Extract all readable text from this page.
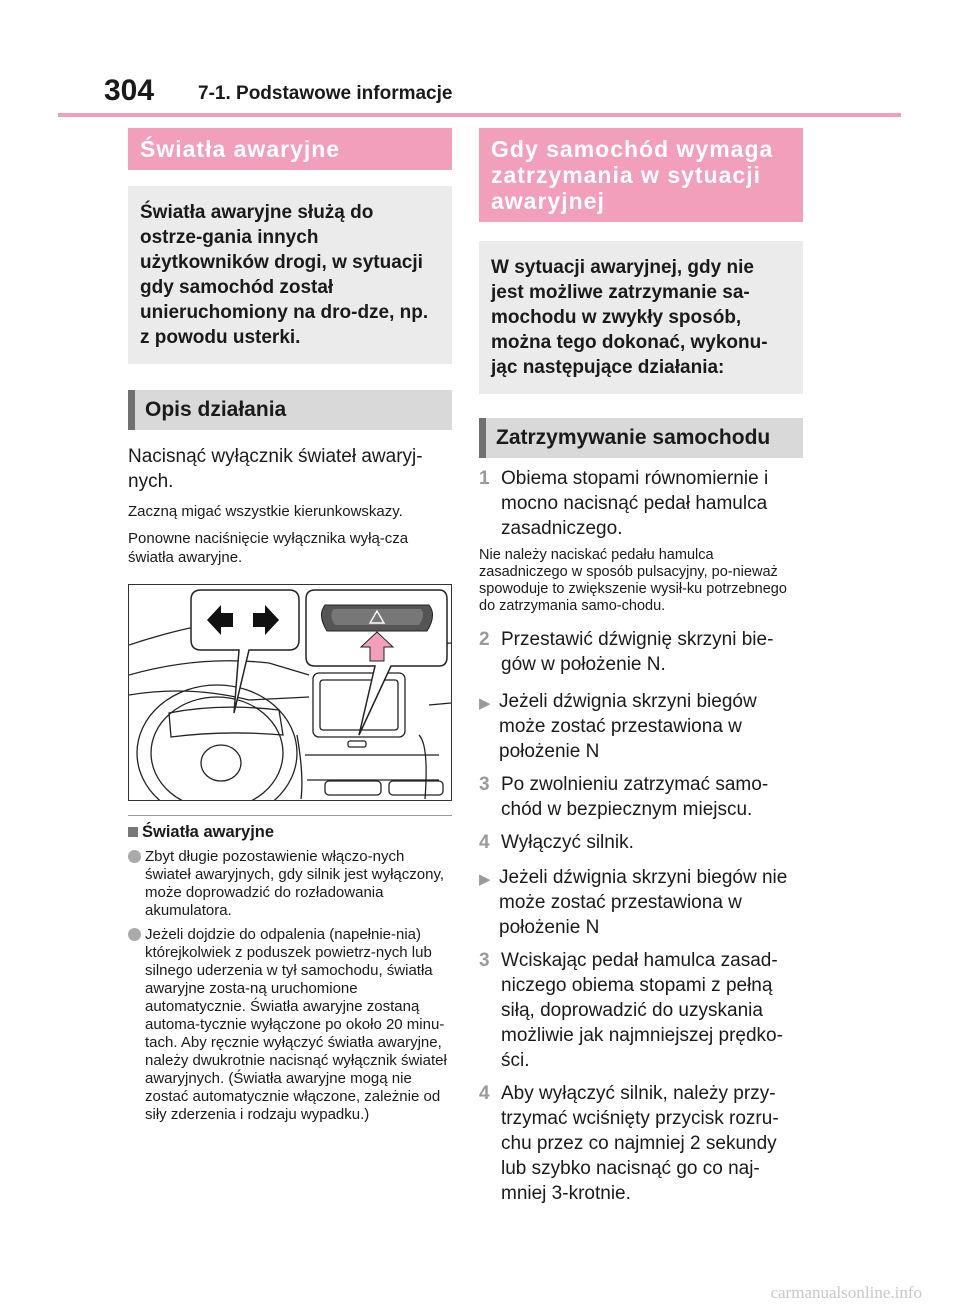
304 7-1. Podstawowe informacje
Światła awaryjne
Światła awaryjne służą do ostrze-gania innych użytkowników drogi, w sytuacji gdy samochód został unieruchomiony na dro-dze, np. z powodu usterki.
Opis działania
Nacisnąć wyłącznik świateł awaryj-nych.
Zaczną migać wszystkie kierunkowskazy.
Ponowne naciśnięcie wyłącznika wyłą-cza światła awaryjne.
Światła awaryjne
Zbyt długie pozostawienie włączo-nych świateł awaryjnych, gdy silnik jest wyłączony, może doprowadzić do rozładowania akumulatora.
Jeżeli dojdzie do odpalenia (napełnie-nia) którejkolwiek z poduszek powietrz-nych lub silnego uderzenia w tył samochodu, światła awaryjne zosta-ną uruchomione automatycznie. Światła awaryjne zostaną automa-tycznie wyłączone po około 20 minu-tach. Aby ręcznie wyłączyć światła awaryjne, należy dwukrotnie nacisnąć wyłącznik świateł awaryjnych. (Światła awaryjne mogą nie zostać automatycznie włączone, zależnie od siły zderzenia i rodzaju wypadku.)
Gdy samochód wymaga zatrzymania w sytuacji awaryjnej
W sytuacji awaryjnej, gdy nie jest możliwe zatrzymanie sa-mochodu w zwykły sposób, można tego dokonać, wykonu-jąc następujące działania:
Zatrzymywanie samochodu
1 Obiema stopami równomiernie i mocno nacisnąć pedał hamulca zasadniczego.
Nie należy naciskać pedału hamulca zasadniczego w sposób pulsacyjny, po-nieważ spowoduje to zwiększenie wysił-ku potrzebnego do zatrzymania samo-chodu.
2 Przestawić dźwignię skrzyni bie-gów w położenie N.
▶ Jeżeli dźwignia skrzyni biegów może zostać przestawiona w położenie N
3 Po zwolnieniu zatrzymać samo-chód w bezpiecznym miejscu.
4 Wyłączyć silnik.
▶ Jeżeli dźwignia skrzyni biegów nie może zostać przestawiona w położenie N
3 Wciskając pedał hamulca zasad-niczego obiema stopami z pełną siłą, doprowadzić do uzyskania możliwie jak najmniejszej prędko-ści.
4 Aby wyłączyć silnik, należy przy-trzymać wciśnięty przycisk rozru-chu przez co najmniej 2 sekundy lub szybko nacisnąć go co naj-mniej 3-krotnie.
carmanualsonline.info
